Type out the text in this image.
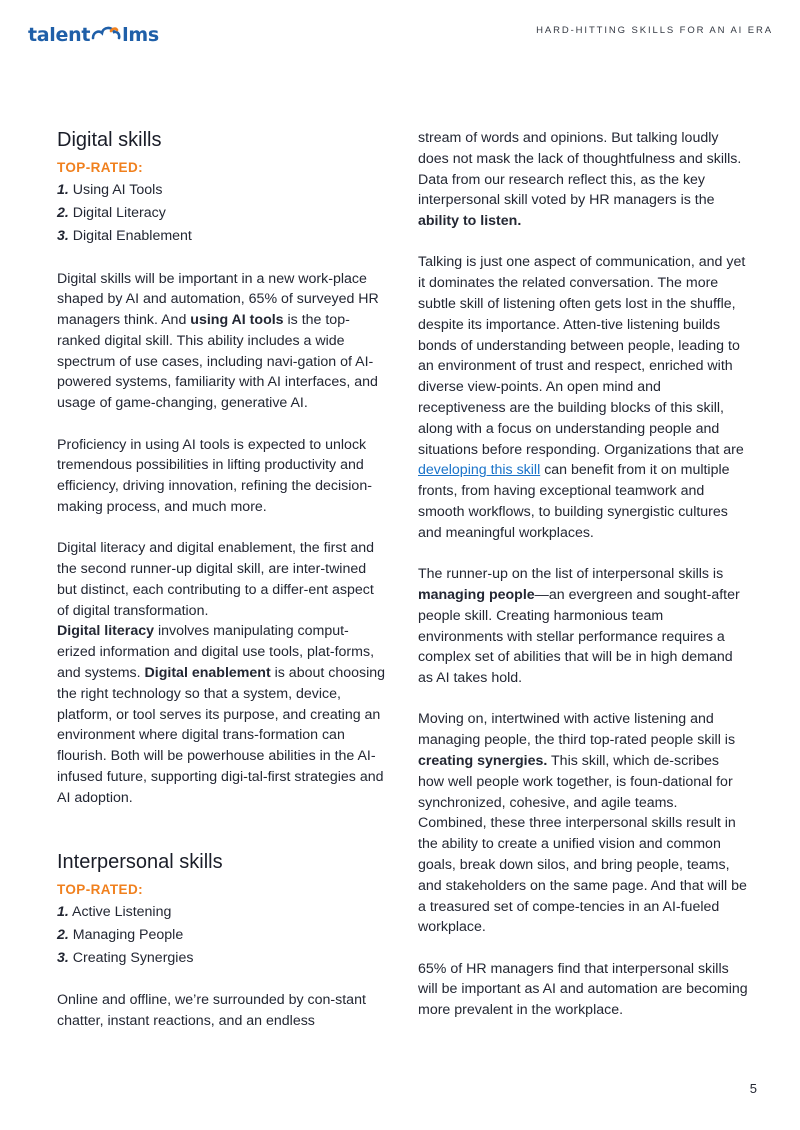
talent lms	HARD-HITTING SKILLS FOR AN AI ERA
Digital skills
TOP-RATED:
1. Using AI Tools
2. Digital Literacy
3. Digital Enablement

Digital skills will be important in a new work-place shaped by AI and automation, 65% of surveyed HR managers think. And using AI tools is the top-ranked digital skill. This ability includes a wide spectrum of use cases, including navi-gation of AI-powered systems, familiarity with AI interfaces, and usage of game-changing, generative AI.

Proficiency in using AI tools is expected to unlock tremendous possibilities in lifting productivity and efficiency, driving innovation, refining the decision-making process, and much more.

Digital literacy and digital enablement, the first and the second runner-up digital skill, are inter-twined but distinct, each contributing to a differ-ent aspect of digital transformation.

Digital literacy involves manipulating comput-erized information and digital use tools, plat-forms, and systems. Digital enablement is about choosing the right technology so that a system, device, platform, or tool serves its purpose, and creating an environment where digital trans-formation can flourish. Both will be powerhouse abilities in the AI-infused future, supporting digi-tal-first strategies and AI adoption.

Interpersonal skills
TOP-RATED:
1. Active Listening
2. Managing People
3. Creating Synergies

Online and offline, we’re surrounded by con-stant chatter, instant reactions, and an endless

stream of words and opinions. But talking loudly does not mask the lack of thoughtfulness and skills. Data from our research reflect this, as the key interpersonal skill voted by HR managers is the ability to listen.

Talking is just one aspect of communication, and yet it dominates the related conversation. The more subtle skill of listening often gets lost in the shuffle, despite its importance. Atten-tive listening builds bonds of understanding between people, leading to an environment of trust and respect, enriched with diverse view-points. An open mind and receptiveness are the building blocks of this skill, along with a focus on understanding people and situations before responding. Organizations that are developing this skill can benefit from it on multiple fronts, from having exceptional teamwork and smooth workflows, to building synergistic cultures and meaningful workplaces.

The runner-up on the list of interpersonal skills is managing people—an evergreen and sought-after people skill. Creating harmonious team environments with stellar performance requires a complex set of abilities that will be in high demand as AI takes hold.

Moving on, intertwined with active listening and managing people, the third top-rated people skill is creating synergies. This skill, which de-scribes how well people work together, is foun-dational for synchronized, cohesive, and agile teams. Combined, these three interpersonal skills result in the ability to create a unified vision and common goals, break down silos, and bring people, teams, and stakeholders on the same page. And that will be a treasured set of compe-tencies in an AI-fueled workplace.

65% of HR managers find that interpersonal skills will be important as AI and automation are becoming more prevalent in the workplace.

5
